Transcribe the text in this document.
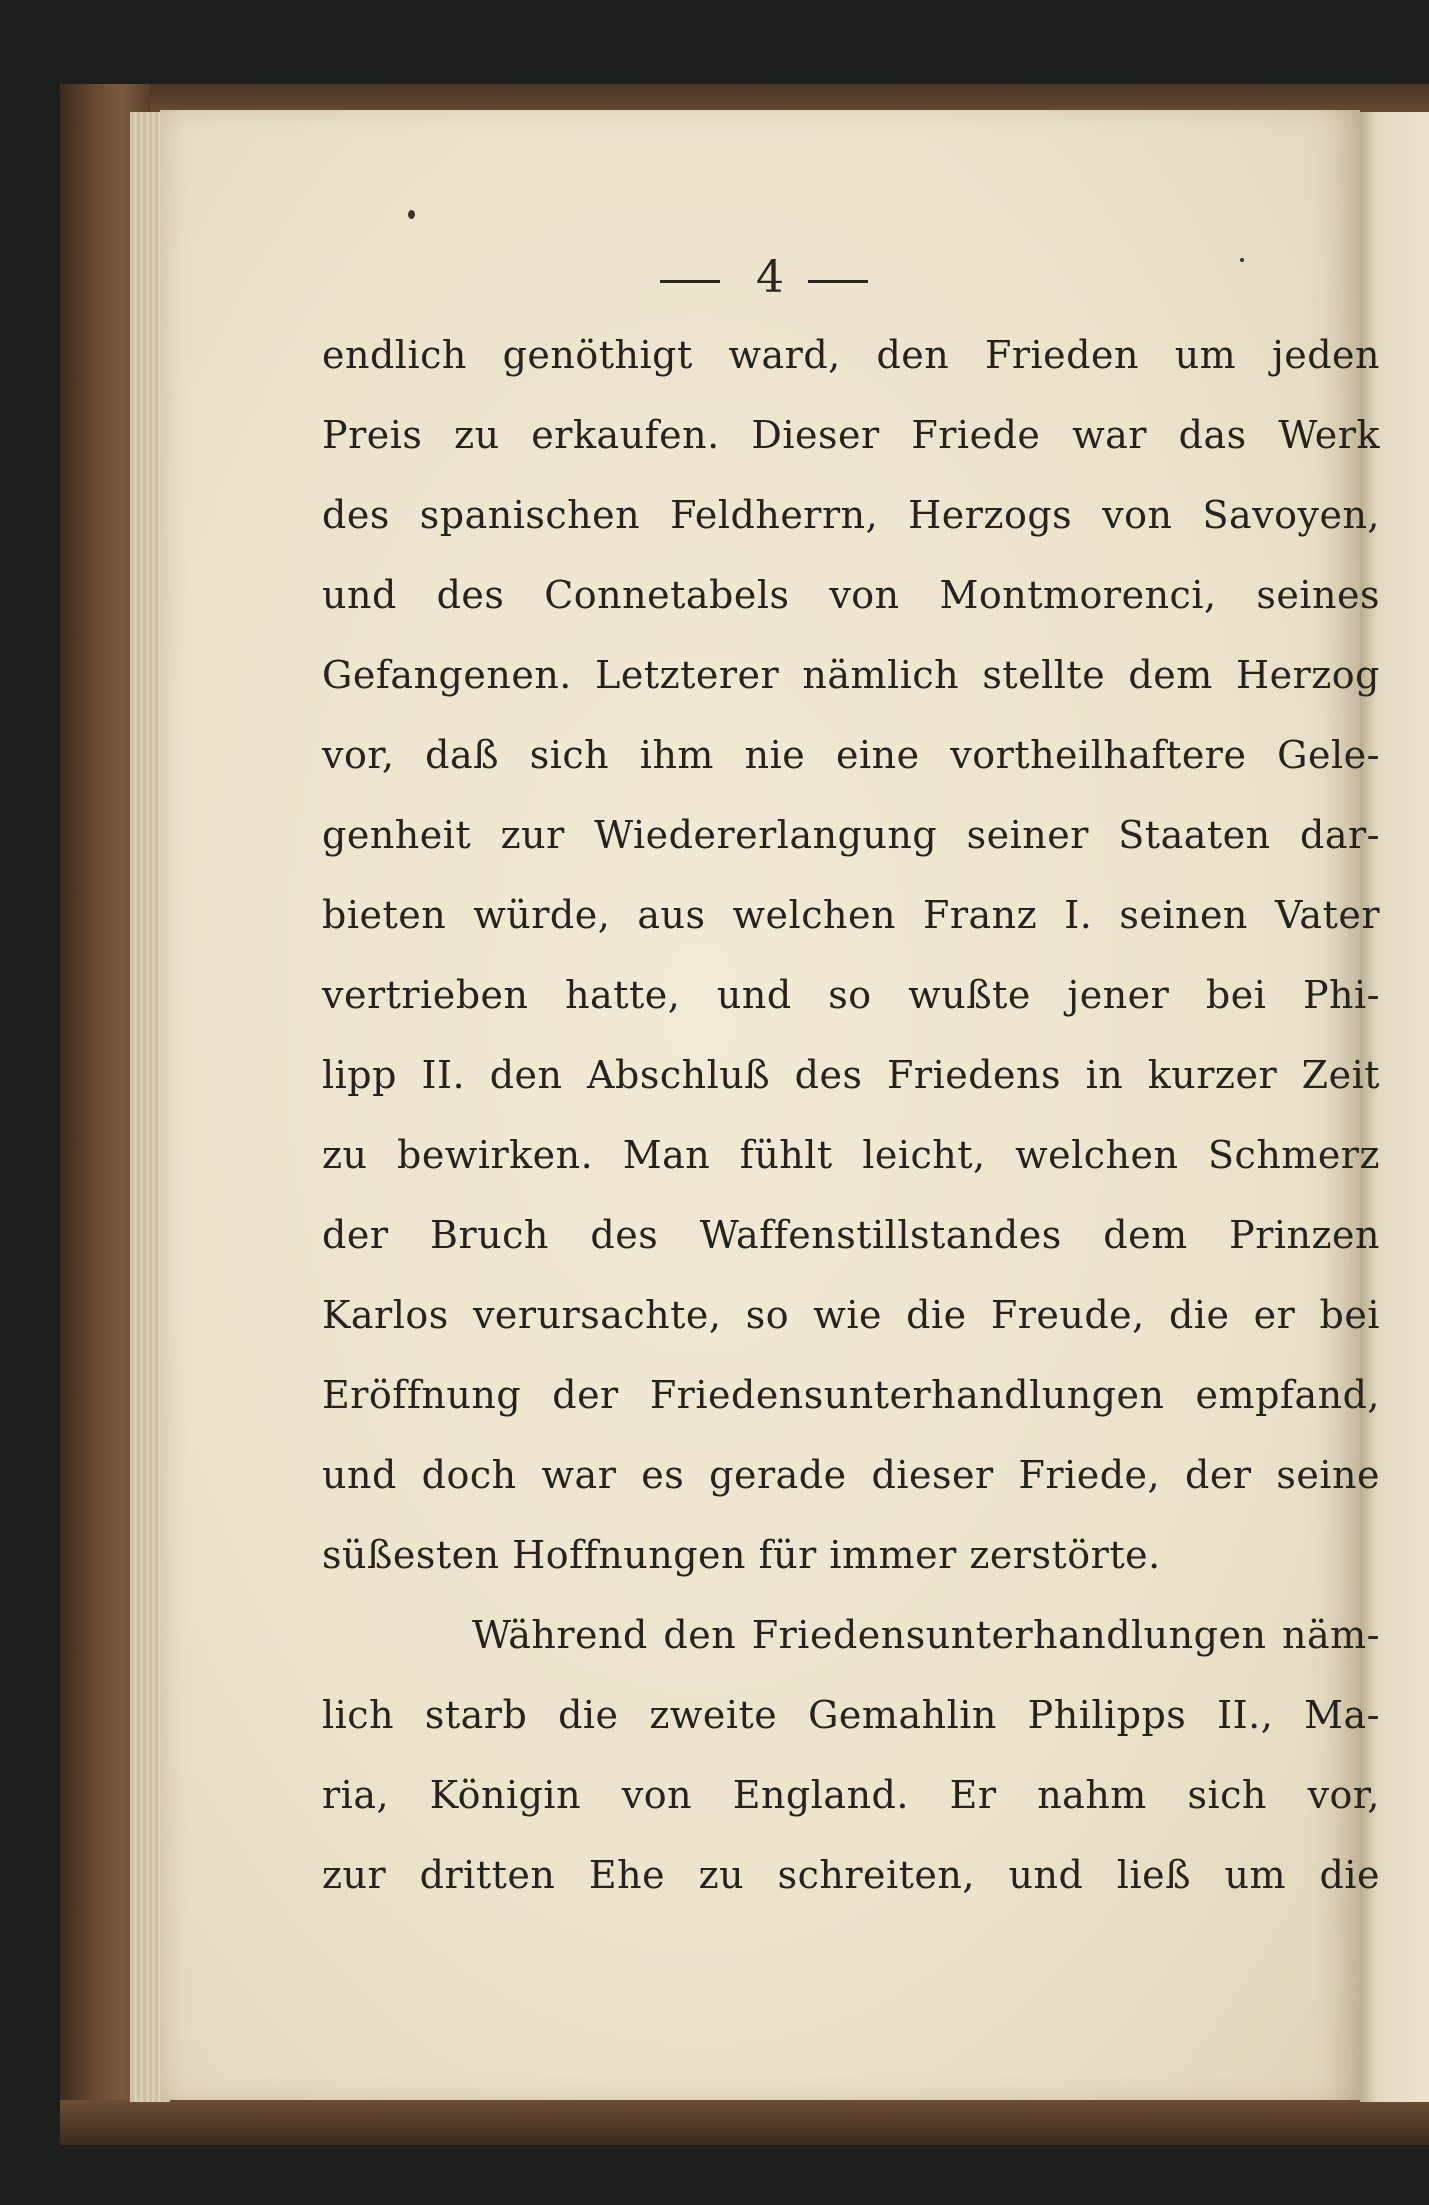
4
endlich genöthigt ward, den Frieden um jeden
Preis zu erkaufen. Dieser Friede war das Werk
des spanischen Feldherrn, Herzogs von Savoyen,
und des Connetabels von Montmorenci, seines
Gefangenen. Letzterer nämlich stellte dem Herzog
vor, daß sich ihm nie eine vortheilhaftere Gele-
genheit zur Wiedererlangung seiner Staaten dar-
bieten würde, aus welchen Franz I. seinen Vater
vertrieben hatte, und so wußte jener bei Phi-
lipp II. den Abschluß des Friedens in kurzer Zeit
zu bewirken. Man fühlt leicht, welchen Schmerz
der Bruch des Waffenstillstandes dem Prinzen
Karlos verursachte, so wie die Freude, die er bei
Eröffnung der Friedensunterhandlungen empfand,
und doch war es gerade dieser Friede, der seine
süßesten Hoffnungen für immer zerstörte.
Während den Friedensunterhandlungen näm-
lich starb die zweite Gemahlin Philipps II., Ma-
ria, Königin von England. Er nahm sich vor,
zur dritten Ehe zu schreiten, und ließ um die
